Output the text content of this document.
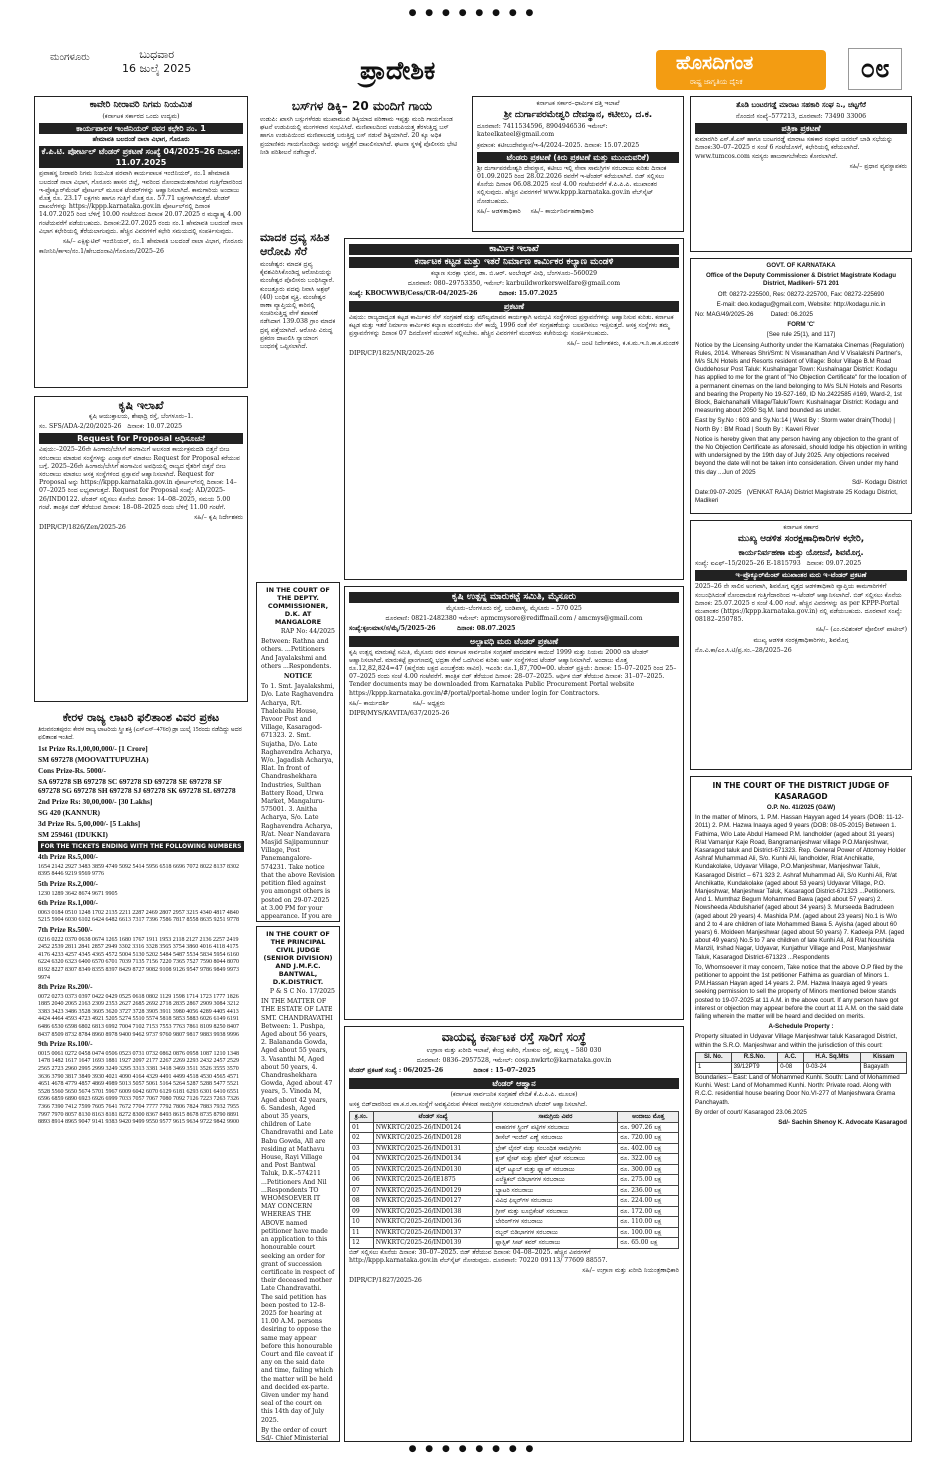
● ● ● ● ● ● ● ●
ಮಂಗಳೂರು	ಬುಧವಾರ
16 ಜುಲೈ 2025	ಪ್ರಾದೇಶಿಕ	ಹೊಸದಿಗಂತ
ರಾಷ್ಟ್ರ ಜಾಗೃತಿಯ ದೈನಿಕ	೦೮
ಕಾವೇರಿ ನೀರಾವರಿ ನಿಗಮ ನಿಯಮಿತ

(ಕರ್ನಾಟಕ ಸರ್ಕಾರದ ಒಂದು ಉದ್ಯಮ)

ಕಾರ್ಯಪಾಲಕ ಇಂಜಿನಿಯರ್ ರವರ ಕಛೇರಿ ನಂ. 1

ಹೇಮಾವತಿ ಬಲದಂಡೆ ನಾಲಾ ವಿಭಾಗ, ಗೊರೂರು

ಕೆ.ಪಿ.ಟಿ. ಪೋರ್ಟಲ್ ಟೆಂಡರ್ ಪ್ರಕಟಣೆ ಸಂಖ್ಯೆ 04/2025–26 ದಿನಾಂಕ: 11.07.2025

ಪ್ರವಾಹಸ್ಥ ನೀರಾವರಿ ನಿಗಮ ನಿಯಮಿತ ಪರವಾಗಿ ಕಾರ್ಯಪಾಲಕ ಇಂಜಿನಿಯರ್, ನಂ.1 ಹೇಮಾವತಿ ಬಲದಂಡೆ ನಾಲಾ ವಿಭಾಗ, ಗೊರೂರು ಹಾಸನ ಜಿಲ್ಲೆ, ಇವರಿಂದ ನೋಂದಾಯಿತರಾಗಿರುವ ಗುತ್ತಿಗೆದಾರರಿಂದ ಇ-ಪ್ರೊಕ್ಯೂರ್‌ಮೆಂಟ್ ಪೋರ್ಟಲ್ ಮೂಲಕ ಟೆಂಡರ್‌ಗಳನ್ನು ಆಹ್ವಾನಿಸಲಾಗಿದೆ. ಕಾಮಗಾರಿಯ ಅಂದಾಜು ಮೊತ್ತ ರೂ. 23.17 ಲಕ್ಷಗಳು ಹಾಗೂ ಗುತ್ತಿಗೆ ಮೊತ್ತ ರೂ. 57.71 ಲಕ್ಷಗಳಾಗಿರುತ್ತದೆ. ಟೆಂಡರ್ ದಾಖಲೆಗಳನ್ನು https://kppp.karnataka.gov.in ಪೋರ್ಟಲ್‌ನಲ್ಲಿ ದಿನಾಂಕ 14.07.2025 ರಿಂದ ಬೆಳಿಗ್ಗೆ 10.00 ಗಂಟೆಯಿಂದ ದಿನಾಂಕ 20.07.2025 ರ ಮಧ್ಯಾಹ್ನ 4.00 ಗಂಟೆಯವರೆಗೆ ಪಡೆಯಬಹುದು. ದಿನಾಂಕ:22.07.2025 ರಂದು ನಂ.1 ಹೇಮಾವತಿ ಬಲದಂಡೆ ನಾಲಾ ವಿಭಾಗ ಕಛೇರಿಯಲ್ಲಿ ತೆರೆಯಲಾಗುವುದು. ಹೆಚ್ಚಿನ ವಿವರಗಳಿಗೆ ಕಛೇರಿ ಸಮಯದಲ್ಲಿ ಸಂಪರ್ಕಿಸುವುದು.

ಸಹಿ/– ಎಕ್ಸಿಕ್ಯುಟಿವ್ ಇಂಜಿನಿಯರ್, ನಂ.1 ಹೇಮಾವತಿ ಬಲದಂಡೆ ನಾಲಾ ವಿಭಾಗ, ಗೊರೂರು

ಕಾನೀನಿನಿ/ಕಾಇಂ/ನಂ.1/ಹೇಬದಂನಾವಿ/ಗೊರೂರು/2025–26

ಕೃಷಿ ಇಲಾಖೆ

ಕೃಷಿ ಆಯುಕ್ತಾಲಯ, ಶೇಷಾದ್ರಿ ರಸ್ತೆ, ಬೆಂಗಳೂರು–1.

ಸಂ. SFS/ADA-2/20/2025-26 ದಿನಾಂಕ: 10.07.2025

Request for Proposal ಅಧಿಸೂಚನೆ

ವಿಷಯ:–2025–26ನೇ ಹಿಂಗಾರು/ಬೇಸಿಗೆ ಹಂಗಾಮಿಗೆ ಅಲಸಂಡ ಕಾರ್ಯಕ್ರಮದಡಿ ಬಿತ್ತನೆ ಬೀಜ ಸರಬರಾಜು ಮಾಡುವ ಸಂಸ್ಥೆಗಳನ್ನು ಎಂಪ್ಯಾನಲ್ ಮಾಡಲು Request for Proposal ಕರೆಯುವ ಬಗ್ಗೆ. 2025–26ನೇ ಹಿಂಗಾರು/ಬೇಸಿಗೆ ಹಂಗಾಮಿನ ಅವಧಿಯಲ್ಲಿ ರಾಜ್ಯದ ರೈತರಿಗೆ ಬಿತ್ತನೆ ಬೀಜ ಸರಬರಾಜು ಮಾಡಲು ಆಸಕ್ತ ಸಂಸ್ಥೆಗಳಿಂದ ಪ್ರಸ್ತಾವನೆ ಆಹ್ವಾನಿಸಲಾಗಿದೆ. Request for Proposal ಅನ್ನು https://kppp.karnataka.gov.in ಪೋರ್ಟಲ್‌ನಲ್ಲಿ ದಿನಾಂಕ: 14–07–2025 ರಿಂದ ಲಭ್ಯವಾಗುತ್ತದೆ. Request for Proposal ಸಂಖ್ಯೆ: AD/2025-26/IND0122. ಟೆಂಡರ್ ಸಲ್ಲಿಸಲು ಕೊನೆಯ ದಿನಾಂಕ: 14–08–2025, ಸಮಯ 5.00 ಗಂಟೆ. ತಾಂತ್ರಿಕ ಬಿಡ್ ತೆರೆಯುವ ದಿನಾಂಕ: 18–08–2025 ರಂದು ಬೆಳಿಗ್ಗೆ 11.00 ಗಂಟೆಗೆ.

ಸಹಿ/– ಕೃಷಿ ನಿರ್ದೇಶಕರು

DIPR/CP/1826/Zen/2025-26

ಕೇರಳ ರಾಜ್ಯ ಲಾಟರಿ ಫಲಿತಾಂಶ ವಿವರ ಪ್ರಕಟ

ತಿರುವನಂತಪುರಂ: ಕೇರಳ ರಾಜ್ಯ ಲಾಟರಿಯ ಸ್ತ್ರೀ ಶಕ್ತಿ (ಎಸ್‌ಎಸ್–476ರ) ಡ್ರಾ ಜುಲೈ 15ರಂದು ನಡೆದಿದ್ದು ಅದರ ಫಲಿತಾಂಶ ಇಂತಿದೆ.

1st Prize Rs.1,00,00,000/- [1 Crore]

SM 697278 (MOOVATTUPUZHA)

Cons Prize-Rs. 5000/-

SA 697278 SB 697278 SC 697278 SD 697278 SE 697278 SF 697278 SG 697278 SH 697278 SJ 697278 SK 697278 SL 697278

2nd Prize Rs: 30,00,000/- [30 Lakhs]

SG 420 (KANNUR)

3d Prize Rs. 5,00,000/- [5 Lakhs]

SM 259461 (IDUKKI)

FOR THE TICKETS ENDING WITH THE FOLLOWING NUMBERS

4th Prize Rs.5,000/-

1654 2142 2927 3483 3859 4749 5092 5414 5956 6518 6696 7072 8022 8137 8302 8395 8446 9219 9569 9776

5th Prize Rs.2,000/-

1230 1289 3642 8674 9671 9905

6th Prize Rs.1,000/-

0063 0184 0510 1248 1702 2135 2211 2287 2469 2807 2957 3215 4340 4817 4840 5215 5904 6030 6102 6424 6482 6613 7317 7396 7586 7817 8558 8635 9251 9778

7th Prize Rs.500/-

0216 0222 0370 0638 0674 1265 1680 1767 1911 1953 2118 2127 2136 2257 2419 2452 2539 2811 2841 2857 2949 3302 3316 3328 3565 3754 3860 4016 4118 4175 4176 4233 4257 4345 4365 4572 5004 5130 5202 5484 5487 5534 5834 5954 6160 6224 6320 6323 6400 6570 6701 7039 7135 7156 7220 7365 7527 7590 8044 8070 8192 8227 8307 8349 8355 8397 8429 8727 9082 9108 9126 9547 9786 9849 9973 9974

8th Prize Rs.200/-

0072 0273 0373 0397 0422 0429 0525 0618 0802 1129 1598 1714 1723 1777 1826 1885 2040 2065 2163 2309 2353 2627 2685 2692 2718 2835 2867 2909 3084 3212 3383 3423 3486 3528 3605 3620 3727 3728 3905 3911 3980 4056 4289 4405 4413 4424 4464 4593 4723 4921 5205 5274 5510 5574 5818 5853 5883 6026 6149 6191 6486 6530 6598 6802 6813 6992 7004 7102 7153 7553 7763 7861 8109 8250 8407 8437 8509 8732 8784 8960 8978 9400 9462 9737 9760 9807 9817 9883 9938 9996

9th Prize Rs.100/-

0015 0061 0272 0458 0474 0506 0523 0731 0732 0862 0876 0958 1087 1210 1348 1478 1482 1617 1647 1693 1881 1927 2097 2177 2267 2269 2293 2432 2457 2529 2565 2723 2960 2995 2999 3249 3295 3313 3381 3418 3469 3511 3526 3555 3570 3636 3790 3817 3849 3930 4021 4090 4164 4329 4491 4499 4518 4530 4565 4571 4651 4678 4779 4857 4869 4989 5013 5057 5061 5164 5264 5287 5288 5477 5521 5528 5560 5650 5674 5701 5967 6009 6042 6070 6129 6181 6293 6301 6410 6551 6596 6859 6890 6923 6926 6999 7033 7057 7067 7080 7092 7126 7223 7263 7326 7366 7390 7412 7599 7605 7641 7672 7704 7777 7792 7806 7824 7883 7932 7955 7997 7970 8057 8130 8163 8181 8272 8300 8367 8493 8615 8678 8735 8790 8891 8893 8914 8965 9047 9141 9383 9420 9499 9550 9577 9615 9634 9722 9842 9900

ಬಸ್‌ಗಳ ಡಿಕ್ಕಿ– 20 ಮಂದಿಗೆ ಗಾಯ

ಉಡುಪಿ: ಖಾಸಗಿ ಬಸ್ಸುಗಳೆರಡು ಮುಖಾಮುಖಿ ಡಿಕ್ಕಿಯಾದ ಪರಿಣಾಮ ಇಪ್ಪತ್ತು ಮಂದಿ ಗಾಯಗೊಂಡ ಘಟನೆ ಉಡುಪಿಯಲ್ಲಿ ಮಂಗಳವಾರ ಸಂಭವಿಸಿದೆ. ಮಣಿಪಾಲದಿಂದ ಉಡುಪಿಯತ್ತ ತೆರಳುತ್ತಿದ್ದ ಬಸ್ ಹಾಗೂ ಉಡುಪಿಯಿಂದ ಮಣಿಪಾಲದತ್ತ ಬರುತ್ತಿದ್ದ ಬಸ್ ನಡುವೆ ಡಿಕ್ಕಿಯಾಗಿದೆ. 20 ಕ್ಕೂ ಅಧಿಕ ಪ್ರಯಾಣಿಕರು ಗಾಯಗೊಂಡಿದ್ದು ಅವರನ್ನು ಆಸ್ಪತ್ರೆಗೆ ದಾಖಲಿಸಲಾಗಿದೆ. ಘಟನಾ ಸ್ಥಳಕ್ಕೆ ಪೊಲೀಸರು ಭೇಟಿ ನೀಡಿ ಪರಿಶೀಲನೆ ನಡೆಸಿದ್ದಾರೆ.

ಮಾದಕ ದ್ರವ್ಯ ಸಹಿತ ಆರೋಪಿ ಸೆರೆ

ಮಂಜೇಶ್ವರ: ಮಾದಕ ದ್ರವ್ಯ ಕೈವಶವಿರಿಸಿಕೊಂಡಿದ್ದ ಆರೋಪಿಯನ್ನು ಮಂಜೇಶ್ವರ ಪೊಲೀಸರು ಬಂಧಿಸಿದ್ದಾರೆ. ಕುಂಜತ್ತೂರು ಪದವು ನಿವಾಸಿ ಅಶ್ರಫ್ (40) ಬಂಧಿತ ವ್ಯಕ್ತಿ. ಮಂಜೇಶ್ವರ ಠಾಣಾ ವ್ಯಾಪ್ತಿಯಲ್ಲಿ ಕಾರಿನಲ್ಲಿ ಸಂಚರಿಸುತ್ತಿದ್ದ ವೇಳೆ ತಪಾಸಣೆ ನಡೆಸಿದಾಗ 139.038 ಗ್ರಾಂ ಮಾದಕ ದ್ರವ್ಯ ಪತ್ತೆಯಾಗಿದೆ. ಆರೋಪಿ ವಿರುದ್ಧ ಪ್ರಕರಣ ದಾಖಲಿಸಿ ನ್ಯಾಯಾಂಗ ಬಂಧನಕ್ಕೆ ಒಪ್ಪಿಸಲಾಗಿದೆ.

IN THE COURT OF THE DEPTY. COMMISSIONER, D.K. AT MANGALORE

RAP No: 44/2025

Between: Rathna and others. ...Petitioners And Jayalakshmi and others ...Respondents.

NOTICE

To 1. Smt. Jayalakshmi, D/o. Late Raghavendra Acharya, R/t. Thalebailu House, Pavoor Post and Village, Kasaragod-671323. 2. Smt. Sujatha, D/o. Late Raghavendra Acharya, W/o. Jagadish Acharya, Rlat. In front of Chandrashekhara Industries, Sulthan Battery Road, Urwa Market, Mangaluru-575001. 3. Anitha Acharya, S/o. Late Raghavendra Acharya, R/at. Near Nandavara Masjid Sajipamunnur Village, Post Panemangalore-574231. Take notice that the above Revision petition filed against you amongst others is posted on 29-07-2025 at 3.00 PM for your appearance. If you are

IN THE COURT OF THE PRINCIPAL CIVIL JUDGE (SENIOR DIVISION) AND J.M.F.C. BANTWAL, D.K.DISTRICT.

P & S C No. 17/2025

IN THE MATTER OF THE ESTATE OF LATE SMT. CHANDRAVATHI Between: 1. Pushpa, Aged about 56 years, 2. Balananda Gowda, Aged about 55 years, 3. Vasanthi M, Aged about 50 years, 4. Chandrashekhara Gowda, Aged about 47 years, 5. Vinoda M, Aged about 42 years, 6. Sandesh, Aged about 35 years, children of Late Chandravathi and Late Babu Gowda, All are residing at Mathavu House, Rayi Village and Post Bantwal Taluk, D.K.-574211 ...Petitioners And Nil ...Respondents TO WHOMSOEVER IT MAY CONCERN WHEREAS THE ABOVE named petitioner have made an application to this honourable court seeking an order for grant of succession certificate in respect of their deceased mother Late Chandravathi. The said petition has been posted to 12-8-2025 for hearing at 11.00 A.M. persons desiring to oppose the same may appear before this honourable Court and file caveat if any on the said date and time, failing which the matter will be held and decided ex-parte. Given under my hand seal of the court on this 14th day of July 2025.

By the order of court Sd/- Chief Ministerial

ಕರ್ನಾಟಕ ಸರ್ಕಾರ–ಧಾರ್ಮಿಕ ದತ್ತಿ ಇಲಾಖೆ

ಶ್ರೀ ದುರ್ಗಾಪರಮೇಶ್ವರಿ ದೇವಸ್ಥಾನ, ಕಟೀಲು, ದ.ಕ.

ದೂರವಾಣಿ: 7411534596, 8904946536 ಇಮೇಲ್: kateelkateel@gmail.com

ಕ್ರಮಾಂಕ: ಕಟೀಲುದೇವಸ್ಥಾನ/ಇ-4/2024–2025. ದಿನಾಂಕ: 15.07.2025

ಟೆಂಡರು ಪ್ರಕಟಣೆ (ಕಿರು ಪ್ರಕಟಣೆ ಮತ್ತು ಮುಂದುವರಿಕೆ)

ಶ್ರೀ ದುರ್ಗಾಪರಮೇಶ್ವರಿ ದೇವಸ್ಥಾನ, ಕಟೀಲು ಇಲ್ಲಿ ಸೇವಾ ಸಾಮಗ್ರಿಗಳ ಸರಬರಾಜು ಕುರಿತು ದಿನಾಂಕ 01.09.2025 ರಿಂದ 28.02.2026 ರವರೆಗೆ ಇ-ಟೆಂಡರ್ ಕರೆಯಲಾಗಿದೆ. ಬಿಡ್ ಸಲ್ಲಿಸಲು ಕೊನೆಯ ದಿನಾಂಕ 06.08.2025 ಸಂಜೆ 4.00 ಗಂಟೆಯವರೆಗೆ ಕೆ.ಪಿ.ಪಿ.ಪಿ. ಮುಖಾಂತರ ಸಲ್ಲಿಸುವುದು. ಹೆಚ್ಚಿನ ವಿವರಗಳಿಗೆ www.kppp.karnataka.gov.in ವೆಬ್‌ಸೈಟ್ ನೋಡಬಹುದು.

ಸಹಿ/– ಆಡಳಿತಾಧಿಕಾರಿ ಸಹಿ/– ಕಾರ್ಯನಿರ್ವಹಣಾಧಿಕಾರಿ

ಕಾರ್ಮಿಕ ಇಲಾಖೆ
ಕರ್ನಾಟಕ ಕಟ್ಟಡ ಮತ್ತು ಇತರೆ ನಿರ್ಮಾಣ ಕಾರ್ಮಿಕರ ಕಲ್ಯಾಣ ಮಂಡಳಿ

ಕಲ್ಯಾಣ ಸುರಕ್ಷಾ ಭವನ, ಡಾ. ಬಿ.ಆರ್. ಅಂಬೇಡ್ಕರ್ ವೀಧಿ, ಬೆಂಗಳೂರು–560029

ದೂರವಾಣಿ: 080–29753350, ಇಮೇಲ್: karbuildworkerswelfare@gmail.com

ಸಂಖ್ಯೆ: KBOCWWB/Cess/CR-04/2025-26	ದಿನಾಂಕ: 15.07.2025

ಪ್ರಕಟಣೆ

ವಿಷಯ: ರಾಜ್ಯದಾದ್ಯಂತ ಕಟ್ಟಡ ಕಾರ್ಮಿಕರ ಸೆಸ್ ಸಂಗ್ರಹಣೆ ಮತ್ತು ಮೌಲ್ಯಮಾಪನ ಕಾರ್ಯಕ್ಕಾಗಿ ಅನುಭವಿ ಸಂಸ್ಥೆಗಳಿಂದ ಪ್ರಸ್ತಾವನೆಗಳನ್ನು ಆಹ್ವಾನಿಸುವ ಕುರಿತು. ಕರ್ನಾಟಕ ಕಟ್ಟಡ ಮತ್ತು ಇತರೆ ನಿರ್ಮಾಣ ಕಾರ್ಮಿಕರ ಕಲ್ಯಾಣ ಮಂಡಳಿಯು ಸೆಸ್ ಕಾಯ್ದೆ 1996 ರಂತೆ ಸೆಸ್ ಸಂಗ್ರಹಣೆಯನ್ನು ಬಲಪಡಿಸಲು ಇಚ್ಛಿಸುತ್ತದೆ. ಆಸಕ್ತ ಸಂಸ್ಥೆಗಳು ತಮ್ಮ ಪ್ರಸ್ತಾವನೆಗಳನ್ನು ದಿನಾಂಕ 07 ದಿನದೊಳಗೆ ಮಂಡಳಿಗೆ ಸಲ್ಲಿಸಬೇಕು. ಹೆಚ್ಚಿನ ವಿವರಗಳಿಗೆ ಮಂಡಳಿಯ ಕಚೇರಿಯನ್ನು ಸಂಪರ್ಕಿಸಬಹುದು.

ಸಹಿ/– ಜಂಟಿ ನಿರ್ದೇಶಕರು, ಕ.ಕ.ಮ.ಇ.ನಿ.ಕಾ.ಕ.ಮಂಡಳಿ

DIPR/CP/1825/NR/2025-26

ಕೃಷಿ ಉತ್ಪನ್ನ ಮಾರುಕಟ್ಟೆ ಸಮಿತಿ, ಮೈಸೂರು

ಮೈಸೂರು–ಬೆಂಗಳೂರು ರಸ್ತೆ, ಬಂಡಿಪಾಳ್ಯ, ಮೈಸೂರು – 570 025

ದೂರವಾಣಿ: 0821-2482380 ಇಮೇಲ್: apmcmysore@rediffmail.com / amcmys@gmail.com

ಸಂಖ್ಯೆ:ಕೃಉಮಾಸ/ಸ/ಮೈ/5/2025-26	ದಿನಾಂಕ: 08.07.2025

ಅಲ್ಪಾವಧಿ ಮರು ಟೆಂಡರ್ ಪ್ರಕಟಣೆ

ಕೃಷಿ ಉತ್ಪನ್ನ ಮಾರುಕಟ್ಟೆ ಸಮಿತಿ, ಮೈಸೂರು ರವರ ಕರ್ನಾಟಕ ಸಾರ್ವಜನಿಕ ಸಂಗ್ರಹಣೆ ಪಾರದರ್ಶಕ ಕಾಯಿದೆ 1999 ಮತ್ತು ನಿಯಮ 2000 ರಡಿ ಟೆಂಡರ್ ಆಹ್ವಾನಿಸಲಾಗಿದೆ. ಮಾರುಕಟ್ಟೆ ಪ್ರಾಂಗಣದಲ್ಲಿ ಭದ್ರತಾ ಸೇವೆ ಒದಗಿಸುವ ಕುರಿತು ಅರ್ಹ ಸಂಸ್ಥೆಗಳಿಂದ ಟೆಂಡರ್ ಆಹ್ವಾನಿಸಲಾಗಿದೆ. ಅಂದಾಜು ಮೊತ್ತ ರೂ.12,82,824=47 (ಹನ್ನೆರಡು ಲಕ್ಷದ ಎಂಬತ್ತೆರಡು ಸಾವಿರ). ಇಎಂಡಿ: ರೂ.1,87,700=00. ಟೆಂಡರ್ ಪ್ರಕ್ರಿಯೆ: ದಿನಾಂಕ: 15–07–2025 ರಿಂದ 25–07–2025 ರಂದು ಸಂಜೆ 4.00 ಗಂಟೆವರೆಗೆ. ತಾಂತ್ರಿಕ ಬಿಡ್ ತೆರೆಯುವ ದಿನಾಂಕ: 28–07–2025. ಆರ್ಥಿಕ ಬಿಡ್ ತೆರೆಯುವ ದಿನಾಂಕ: 31–07–2025. Tender documents may be downloaded from Karnataka Public Procurement Portal website https://kppp.karnataka.gov.in/#/portal/portal-home under login for Contractors.

ಸಹಿ/– ಕಾರ್ಯದರ್ಶಿ	ಸಹಿ/– ಅಧ್ಯಕ್ಷರು

DIPR/MYS/KAVITA/637/2025-26

ವಾಯವ್ಯ ಕರ್ನಾಟಕ ರಸ್ತೆ ಸಾರಿಗೆ ಸಂಸ್ಥೆ

ಉಗ್ರಾಣ ಮತ್ತು ಖರೀದಿ ಇಲಾಖೆ, ಕೇಂದ್ರ ಕಚೇರಿ, ಗೋಕುಲ ರಸ್ತೆ, ಹುಬ್ಬಳ್ಳಿ – 580 030

ದೂರವಾಣಿ: 0836–2957528, ಇಮೇಲ್: cosp.nwkrtc@karnataka.gov.in

ಟೆಂಡರ್ ಪ್ರಕಟಣೆ ಸಂಖ್ಯೆ : 06/2025–26	ದಿನಾಂಕ : 15–07–2025

ಟೆಂಡರ್ ಆಹ್ವಾನ

(ಕರ್ನಾಟಕ ಸಾರ್ವಜನಿಕ ಸಂಗ್ರಹಣೆ ವೇದಿಕೆ ಕೆ.ಪಿ.ಪಿ.ಪಿ. ಮೂಲಕ)

ಅಸಕ್ತ ಬಿಡ್‌ದಾರರಿಂದ ವಾ.ಕ.ರ.ಸಾ.ಸಂಸ್ಥೆಗೆ ಅವಶ್ಯವಿರುವ ಕೆಳಕಂಡ ಸಾಮಗ್ರಿಗಳ ಸರಬರಾಜಿಗಾಗಿ ಟೆಂಡರ್ ಆಹ್ವಾನಿಸಲಾಗಿದೆ.

ಕ್ರ.ಸಂ.	ಟೆಂಡರ್ ಸಂಖ್ಯೆ	ಸಾಮಗ್ರಿಯ ವಿವರ	ಅಂದಾಜು ಮೊತ್ತ
01	NWKRTC/2025-26/IND0124	ವಾಹನಗಳ ಸ್ಪ್ರಿಂಗ್ ಪಟ್ಟಿಗಳ ಸರಬರಾಜು	ರೂ. 907.26 ಲಕ್ಷ
02	NWKRTC/2025-26/IND0128	ಡೀಸೆಲ್ ಇಂಜಿನ್ ಎಣ್ಣೆ ಸರಬರಾಜು	ರೂ. 720.00 ಲಕ್ಷ
03	NWKRTC/2025-26/IND0131	ಬ್ರೇಕ್ ಲೈನರ್ ಮತ್ತು ಸಂಬಂಧಿತ ಸಾಮಗ್ರಿಗಳು	ರೂ. 402.00 ಲಕ್ಷ
04	NWKRTC/2025-26/IND0134	ಕ್ಲಚ್ ಪ್ಲೇಟ್ ಮತ್ತು ಪ್ರೆಶರ್ ಪ್ಲೇಟ್ ಸರಬರಾಜು	ರೂ. 322.00 ಲಕ್ಷ
05	NWKRTC/2025-26/IND0130	ಟೈರ್ ಟ್ಯೂಬ್ ಮತ್ತು ಫ್ಲ್ಯಾಪ್ ಸರಬರಾಜು	ರೂ. 300.00 ಲಕ್ಷ
06	NWKRTC/2025-26/IE1875	ಎಲೆಕ್ಟ್ರಿಕಲ್ ಬಿಡಿಭಾಗಗಳ ಸರಬರಾಜು	ರೂ. 275.00 ಲಕ್ಷ
07	NWKRTC/2025-26/IND0129	ಬ್ಯಾಟರಿ ಸರಬರಾಜು	ರೂ. 236.00 ಲಕ್ಷ
08	NWKRTC/2025-26/IND0127	ವಿವಿಧ ಫಿಲ್ಟರ್‌ಗಳ ಸರಬರಾಜು	ರೂ. 224.00 ಲಕ್ಷ
09	NWKRTC/2025-26/IND0138	ಗ್ರೀಸ್ ಮತ್ತು ಲೂಬ್ರಿಕೆಂಟ್ ಸರಬರಾಜು	ರೂ. 172.00 ಲಕ್ಷ
10	NWKRTC/2025-26/IND0136	ಬೇರಿಂಗ್‌ಗಳ ಸರಬರಾಜು	ರೂ. 110.00 ಲಕ್ಷ
11	NWKRTC/2025-26/IND0137	ರಬ್ಬರ್ ಬಿಡಿಭಾಗಗಳ ಸರಬರಾಜು	ರೂ. 100.00 ಲಕ್ಷ
12	NWKRTC/2025-26/IND0139	ಪ್ಲಾಸ್ಟಿಕ್ ಸೀಟ್ ಕವರ್ ಸರಬರಾಜು	ರೂ. 65.00 ಲಕ್ಷ

ಬಿಡ್ ಸಲ್ಲಿಸಲು ಕೊನೆಯ ದಿನಾಂಕ: 30–07–2025. ಬಿಡ್ ತೆರೆಯುವ ದಿನಾಂಕ: 04–08–2025. ಹೆಚ್ಚಿನ ವಿವರಗಳಿಗೆ http://kppp.karnataka.gov.in ವೆಬ್‌ಸೈಟ್ ನೋಡುವುದು. ದೂರವಾಣಿ: 70220 09113/ 77609 88557.

ಸಹಿ/– ಉಗ್ರಾಣ ಮತ್ತು ಖರೀದಿ ನಿಯಂತ್ರಣಾಧಿಕಾರಿ

DIPR/CP/1827/2025-26

ತೊಡಿ ಬಂಟರಗಡ್ಡೆ ಮಾರಾಟ ಸಹಕಾರಿ ಸಂಘ ನಿ., ಚಟ್ಟಗೆರೆ

ನೊಂದಣಿ ಸಂಖ್ಯೆ–577213, ದೂರವಾಣಿ: 73490 33006

ಪತ್ರಿಕಾ ಪ್ರಕಟಣೆ

ಕುಮಾರಗಿರಿ ಎಸ್.ಕೆ.ಎಸ್ ಹಾಗೂ ಬಂಟಗರಡ್ಡೆ ಮಾರಾಟ ಸಹಕಾರ ಸಂಘದ ಜನರಲ್ ಬಾಡಿ ಸಭೆಯನ್ನು ದಿನಾಂಕ:30–07–2025 ರ ಸಂಜೆ 6 ಗಂಟೆಯೊಳಗೆ, ಕಛೇರಿಯಲ್ಲಿ ಕರೆಯಲಾಗಿದೆ. www.tumcos.com ಸದಸ್ಯರು ಹಾಜರಾಗಬೇಕೆಂದು ಕೋರಲಾಗಿದೆ.

ಸಹಿ/– ಪ್ರಧಾನ ವ್ಯವಸ್ಥಾಪಕರು

GOVT. OF KARNATAKA

Office of the Deputy Commissioner & District Magistrate Kodagu District, Madikeri- 571 201

Off: 08272-225500, Res: 08272-225700, Fax: 08272-225690

E-mail: deo.kodagu@gmail.com, Website: http://kodagu.nic.in

No: MAG/49/2025-26	Dated: 06.2025

FORM 'C'

[See rule 25(1), and 117]

Notice by the Licensing Authority under the Karnataka Cinemas (Regulation) Rules, 2014. Whereas Shri/Smt: N Viswanathan And V Visalakshi Partner's, M/s SLN Hotels and Resorts resident of Village: Bolur Village B.M Road Guddehosur Post Taluk: Kushalnagar Town: Kushalnagar District: Kodagu has applied to me for the grant of "No Objection Certificate" for the location of a permanent cinemas on the land belonging to M/s SLN Hotels and Resorts and bearing the Property No 19-527-169, ID No.2422585 #169, Ward-2, 1st Block, Baichanahalli Village/Taluk/Town: Kushalnagar District: Kodagu and measuring about 2050 Sq.M. land bounded as under.

East by Sy.No : 603 and Sy.No:14 | West By : Storm water drain(Thodu) | North By : BM Road | South By : Kaveri River

Notice is hereby given that any person having any objection to the grant of the No Objection Certificate as aforesaid, should lodge his objection in writing with undersigned by the 19th day of July 2025. Any objections received beyond the date will not be taken into consideration. Given under my hand this day ...Jun of 2025

Sd/- Kodagu District

Date:09-07-2025 (VENKAT RAJA) District Magistrate 25 Kodagu District, Madikeri

ಕರ್ನಾಟಕ ಸರ್ಕಾರ

ಮುಖ್ಯ ಆಡಳಿತ ಸಂರಕ್ಷಣಾಧಿಕಾರಿಗಳ ಕಛೇರಿ,
ಕಾರ್ಯನಿರ್ವಹಣಾ ಮತ್ತು ಯೋಜನೆ, ಶಿವಮೊಗ್ಗ.

ಸಂಖ್ಯೆ: ಐಎಫ್–15/2025–26 E-1815793 ದಿನಾಂಕ: 09.07.2025

ಇ–ಪ್ರೊಕ್ಯೂರ್‌ಮೆಂಟ್ ಮುಖಾಂತರ ಮರು ಇ–ಟೆಂಡರ್ ಪ್ರಕಟಣೆ

2025–26 ನೇ ಸಾಲಿನ ಅಂಗವಾಗಿ, ಶಿವಮೊಗ್ಗ ವೃತ್ತದ ಆಡಳಿತಾಧಿಕಾರಿ ವ್ಯಾಪ್ತಿಯ ಕಾಮಗಾರಿಗಳಿಗೆ ಸಂಬಂಧಿಸಿದಂತೆ ನೋಂದಾಯಿತ ಗುತ್ತಿಗೆದಾರರಿಂದ ಇ–ಟೆಂಡರ್ ಆಹ್ವಾನಿಸಲಾಗಿದೆ. ಬಿಡ್ ಸಲ್ಲಿಸಲು ಕೊನೆಯ ದಿನಾಂಕ: 25.07.2025 ರ ಸಂಜೆ 4.00 ಗಂಟೆ. ಹೆಚ್ಚಿನ ವಿವರಗಳನ್ನು as per KPPP-Portal ಮುಖಾಂತರ (https://kppp.karnataka.gov.in) ನಲ್ಲಿ ಪಡೆಯಬಹುದು. ದೂರವಾಣಿ ಸಂಖ್ಯೆ: 08182–250785.

ಸಹಿ/– (ಎಂ.ರವಿಶಂಕರ್ ಪೋಲೀಸ್ ಪಾಟೀಲ್)

ಮುಖ್ಯ ಆಡಳಿತ ಸಂರಕ್ಷಣಾಧಿಕಾರಿಗಳು, ಶಿವಮೊಗ್ಗ

ನೊ.ವಿ.ಕಾ/ಎಂ.ಸಿ.ಟಿ/ಪ್ರ.ಸಂ.–28/2025–26

IN THE COURT OF THE DISTRICT JUDGE OF KASARAGOD

O.P. No. 41/2025 (G&W)

In the matter of Minors, 1. P.M. Hassan Hayyan aged 14 years (DOB: 11-12-2011) 2. P.M. Hazwa Inaaya aged 9 years (DOB: 08-05-2015) Between 1. Fathima, W/o Late Abdul Hameed P.M. landholder (aged about 31 years) R/at Vamanjur Kaje Road, Bangramanjeshwar village P.O.Manjeshwar, Kasaragod taluk and District-671323. Rep. General Power of Attorney Holder Ashraf Muhammad Ali, S/o. Kunhi Ali, landholder, R/at Anchikatte, Kundakolake, Udyavar Village, P.O.Manjeshwar, Manjeshwar Taluk, Kasaragod District – 671 323 2. Ashraf Muhammad Ali, S/o Kunhi Ali, R/at Anchikatte, Kundakolake (aged about 53 years) Udyavar Village, P.O. Manjeshwar, Manjeshwar Taluk, Kasaragod District-671323 ...Petitioners. And 1. Mumthaz Begum Mohammed Bawa (aged about 57 years) 2. Nowsheeda Abdulsharief (aged about 34 years) 3. Murseeda Badrudeen (aged about 29 years) 4. Mashida P.M. (aged about 23 years) No.1 is W/o and 2 to 4 are children of late Mohammed Bawa 5. Ayisha (aged about 60 years) 6. Moideen Manjeshwar (aged about 50 years) 7. Kadeeja P.M. (aged about 49 years) No.5 to 7 are children of late Kunhi Ali, All R/at Noushida Manzil, Irshad Nagar, Udyavar, Kunjathur Village and Post, Manjeshwar Taluk, Kasaragod District-671323 ...Respondents

To, Whomsoever it may concern, Take notice that the above O.P filed by the petitioner to appoint the 1st petitioner Fathima as guardian of Minors 1. P.M.Hassan Hayan aged 14 years 2. P.M. Hazwa Inaaya aged 9 years seeking permission to sell the property of Minors mentioned below stands posted to 19-07-2025 at 11 A.M. in the above court. If any person have got interest or objection may appear before the court at 11 A.M. on the said date failing wherein the matter will be heard and decided on merits.

A-Schedule Property :

Property situated in Udyavar Village Manjeshwar taluk Kasaragod District, within the S.R.O. Manjeshwar and within the jurisdiction of this court:

Sl. No.	R.S.No.	A.C.	H.A. Sq.Mts	Kissam
1	39/12PT9	0-08	0-03-24	Bagayath

Boundaries:– East: Land of Mohammed Kunhi. South: Land of Mohammed Kunhi. West: Land of Mohammed Kunhi. North: Private road. Along with R.C.C. residential house bearing Door No.VI-277 of Manjeshwara Grama Panchayath.

By order of court/ Kasaragod 23.06.2025

Sd/- Sachin Shenoy K. Advocate Kasaragod

● ● ● ● ● ● ● ●
